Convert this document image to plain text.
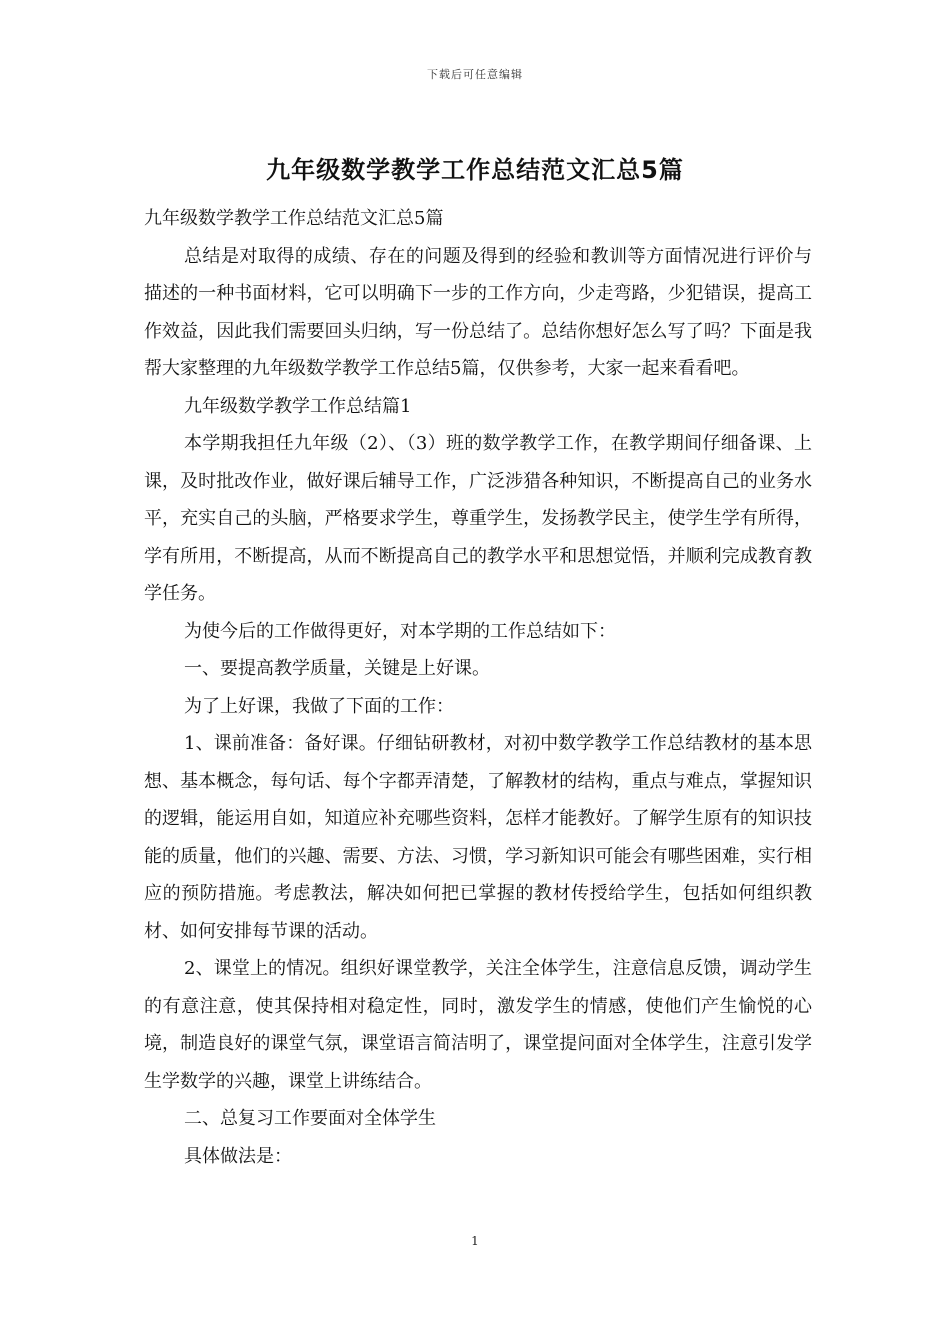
下载后可任意编辑
九年级数学教学工作总结范文汇总5篇

九年级数学教学工作总结范文汇总5篇

总结是对取得的成绩、存在的问题及得到的经验和教训等方面情况进行评价与描述的一种书面材料，它可以明确下一步的工作方向，少走弯路，少犯错误，提高工作效益，因此我们需要回头归纳，写一份总结了。总结你想好怎么写了吗？下面是我帮大家整理的九年级数学教学工作总结5篇，仅供参考，大家一起来看看吧。

九年级数学教学工作总结篇1

本学期我担任九年级（2）、（3）班的数学教学工作，在教学期间仔细备课、上课，及时批改作业，做好课后辅导工作，广泛涉猎各种知识，不断提高自己的业务水平，充实自己的头脑，严格要求学生，尊重学生，发扬教学民主，使学生学有所得，学有所用，不断提高，从而不断提高自己的教学水平和思想觉悟，并顺利完成教育教学任务。

为使今后的工作做得更好，对本学期的工作总结如下：

一、要提高教学质量，关键是上好课。

为了上好课，我做了下面的工作：

1、课前准备：备好课。仔细钻研教材，对初中数学教学工作总结教材的基本思想、基本概念，每句话、每个字都弄清楚，了解教材的结构，重点与难点，掌握知识的逻辑，能运用自如，知道应补充哪些资料，怎样才能教好。了解学生原有的知识技能的质量，他们的兴趣、需要、方法、习惯，学习新知识可能会有哪些困难，实行相应的预防措施。考虑教法，解决如何把已掌握的教材传授给学生，包括如何组织教材、如何安排每节课的活动。

2、课堂上的情况。组织好课堂教学，关注全体学生，注意信息反馈，调动学生的有意注意，使其保持相对稳定性，同时，激发学生的情感，使他们产生愉悦的心境，制造良好的课堂气氛，课堂语言简洁明了，课堂提问面对全体学生，注意引发学生学数学的兴趣，课堂上讲练结合。

二、总复习工作要面对全体学生

具体做法是：

1
